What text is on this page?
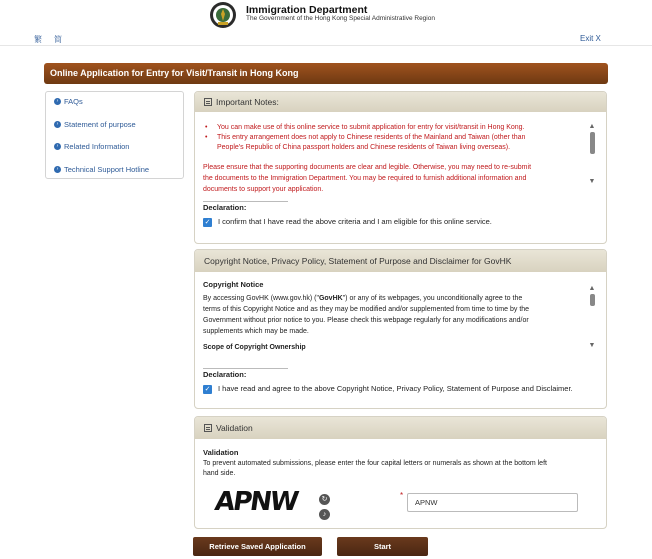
Immigration Department
The Government of the Hong Kong Special Administrative Region
繁 简	Exit X
Online Application for Entry for Visit/Transit in Hong Kong
› FAQs
› Statement of purpose
› Related Information
› Technical Support Hotline
Important Notes:
• You can make use of this online service to submit application for entry for visit/transit in Hong Kong.
• This entry arrangement does not apply to Chinese residents of the Mainland and Taiwan (other than
People's Republic of China passport holders and Chinese residents of Taiwan living overseas).
Please ensure that the supporting documents are clear and legible. Otherwise, you may need to re-submit
the documents to the Immigration Department. You may be required to furnish additional information and
documents to support your application.
▲
▼
Declaration:
✓ I confirm that I have read the above criteria and I am eligible for this online service.
Copyright Notice, Privacy Policy, Statement of Purpose and Disclaimer for GovHK
Copyright Notice
By accessing GovHK (www.gov.hk) ("GovHK") or any of its webpages, you unconditionally agree to the
terms of this Copyright Notice and as they may be modified and/or supplemented from time to time by the
Government without prior notice to you. Please check this webpage regularly for any modifications and/or
supplements which may be made.
Scope of Copyright Ownership
▲
▼
Declaration:
✓ I have read and agree to the above Copyright Notice, Privacy Policy, Statement of Purpose and Disclaimer.
Validation
Validation
To prevent automated submissions, please enter the four capital letters or numerals as shown at the bottom left
hand side.
APNW	↻
♪
*
APNW
Retrieve Saved Application	Start
